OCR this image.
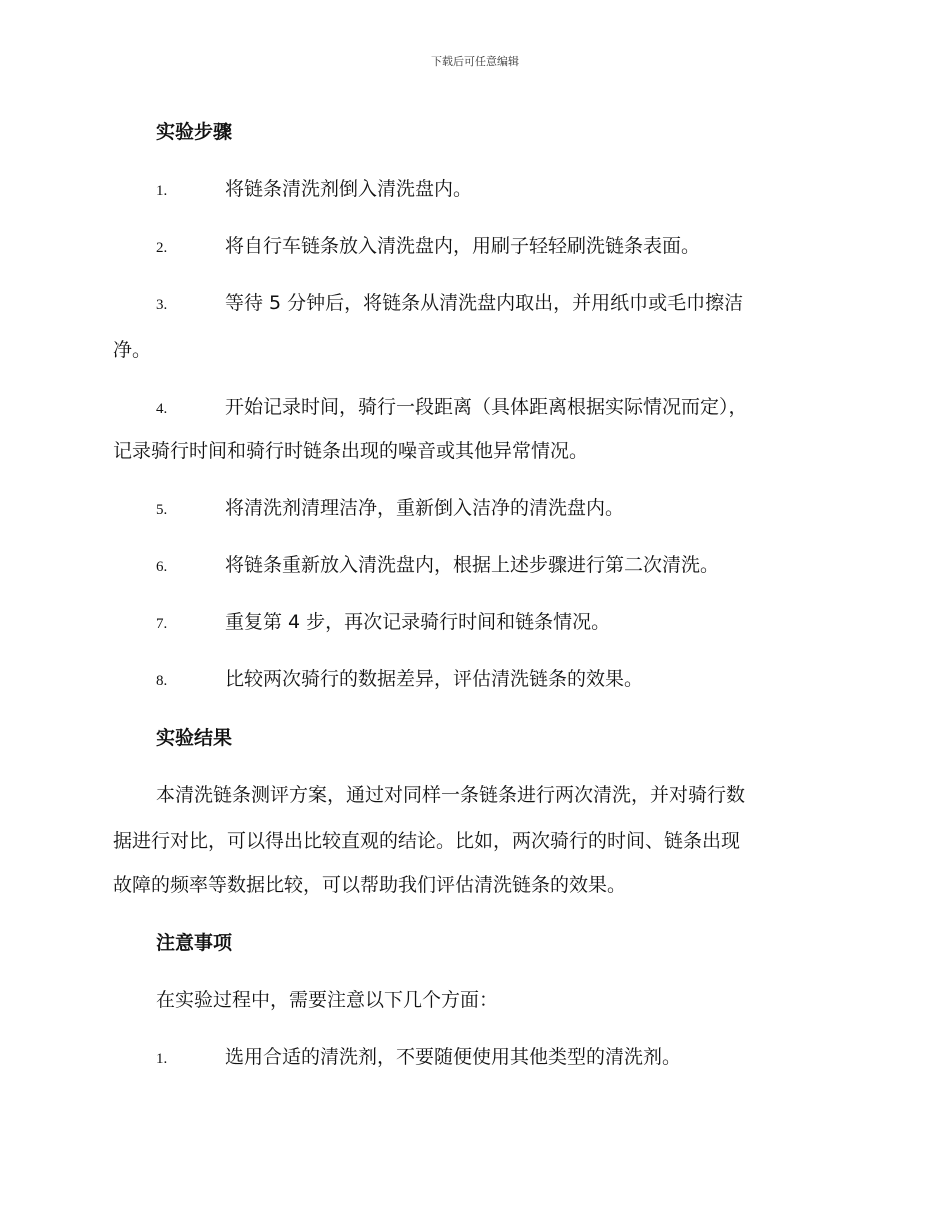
下载后可任意编辑
实验步骤
1.	将链条清洗剂倒入清洗盘内。
2.	将自行车链条放入清洗盘内，用刷子轻轻刷洗链条表面。
3.	等待 5 分钟后，将链条从清洗盘内取出，并用纸巾或毛巾擦洁
净。
4.	开始记录时间，骑行一段距离（具体距离根据实际情况而定），
记录骑行时间和骑行时链条出现的噪音或其他异常情况。
5.	将清洗剂清理洁净，重新倒入洁净的清洗盘内。
6.	将链条重新放入清洗盘内，根据上述步骤进行第二次清洗。
7.	重复第 4 步，再次记录骑行时间和链条情况。
8.	比较两次骑行的数据差异，评估清洗链条的效果。
实验结果
本清洗链条测评方案，通过对同样一条链条进行两次清洗，并对骑行数
据进行对比，可以得出比较直观的结论。比如，两次骑行的时间、链条出现
故障的频率等数据比较，可以帮助我们评估清洗链条的效果。
注意事项
在实验过程中，需要注意以下几个方面：
1.	选用合适的清洗剂，不要随便使用其他类型的清洗剂。
